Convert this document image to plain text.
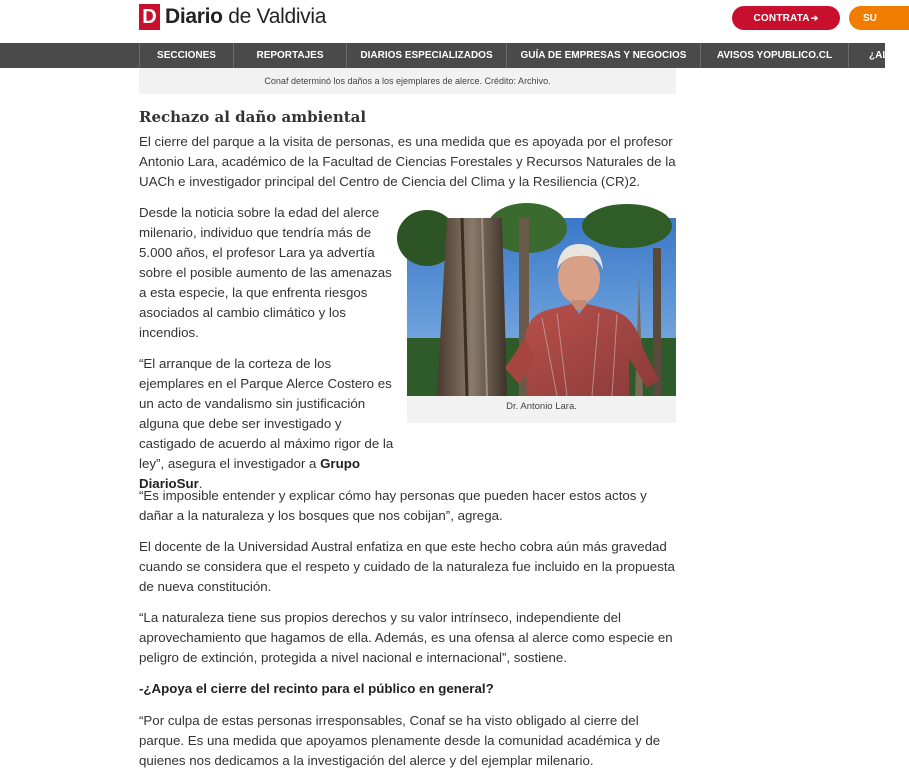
D Diario de Valdivia	CONTRATA ➔	SU
SECCIONES	REPORTAJES	DIARIOS ESPECIALIZADOS	GUÍA DE EMPRESAS Y NEGOCIOS	AVISOS YOPUBLICO.CL	¿AL
Conaf determinó los daños a los ejemplares de alerce. Crédito: Archivo.
Rechazo al daño ambiental

El cierre del parque a la visita de personas, es una medida que es apoyada por el profesor Antonio Lara, académico de la Facultad de Ciencias Forestales y Recursos Naturales de la UACh e investigador principal del Centro de Ciencia del Clima y la Resiliencia (CR)2.

Desde la noticia sobre la edad del alerce milenario, individuo que tendría más de 5.000 años, el profesor Lara ya advertía sobre el posible aumento de las amenazas a esta especie, la que enfrenta riesgos asociados al cambio climático y los incendios.

“El arranque de la corteza de los ejemplares en el Parque Alerce Costero es un acto de vandalismo sin justificación alguna que debe ser investigado y castigado de acuerdo al máximo rigor de la ley”, asegura el investigador a Grupo DiarioSur.

“Es imposible entender y explicar cómo hay personas que pueden hacer estos actos y dañar a la naturaleza y los bosques que nos cobijan”, agrega.

El docente de la Universidad Austral enfatiza en que este hecho cobra aún más gravedad cuando se considera que el respeto y cuidado de la naturaleza fue incluido en la propuesta de nueva constitución.

“La naturaleza tiene sus propios derechos y su valor intrínseco, independiente del aprovechamiento que hagamos de ella. Además, es una ofensa al alerce como especie en peligro de extinción, protegida a nivel nacional e internacional”, sostiene.

-¿Apoya el cierre del recinto para el público en general?

“Por culpa de estas personas irresponsables, Conaf se ha visto obligado al cierre del parque. Es una medida que apoyamos plenamente desde la comunidad académica y de quienes nos dedicamos a la investigación del alerce y del ejemplar milenario.

Dr. Antonio Lara.
